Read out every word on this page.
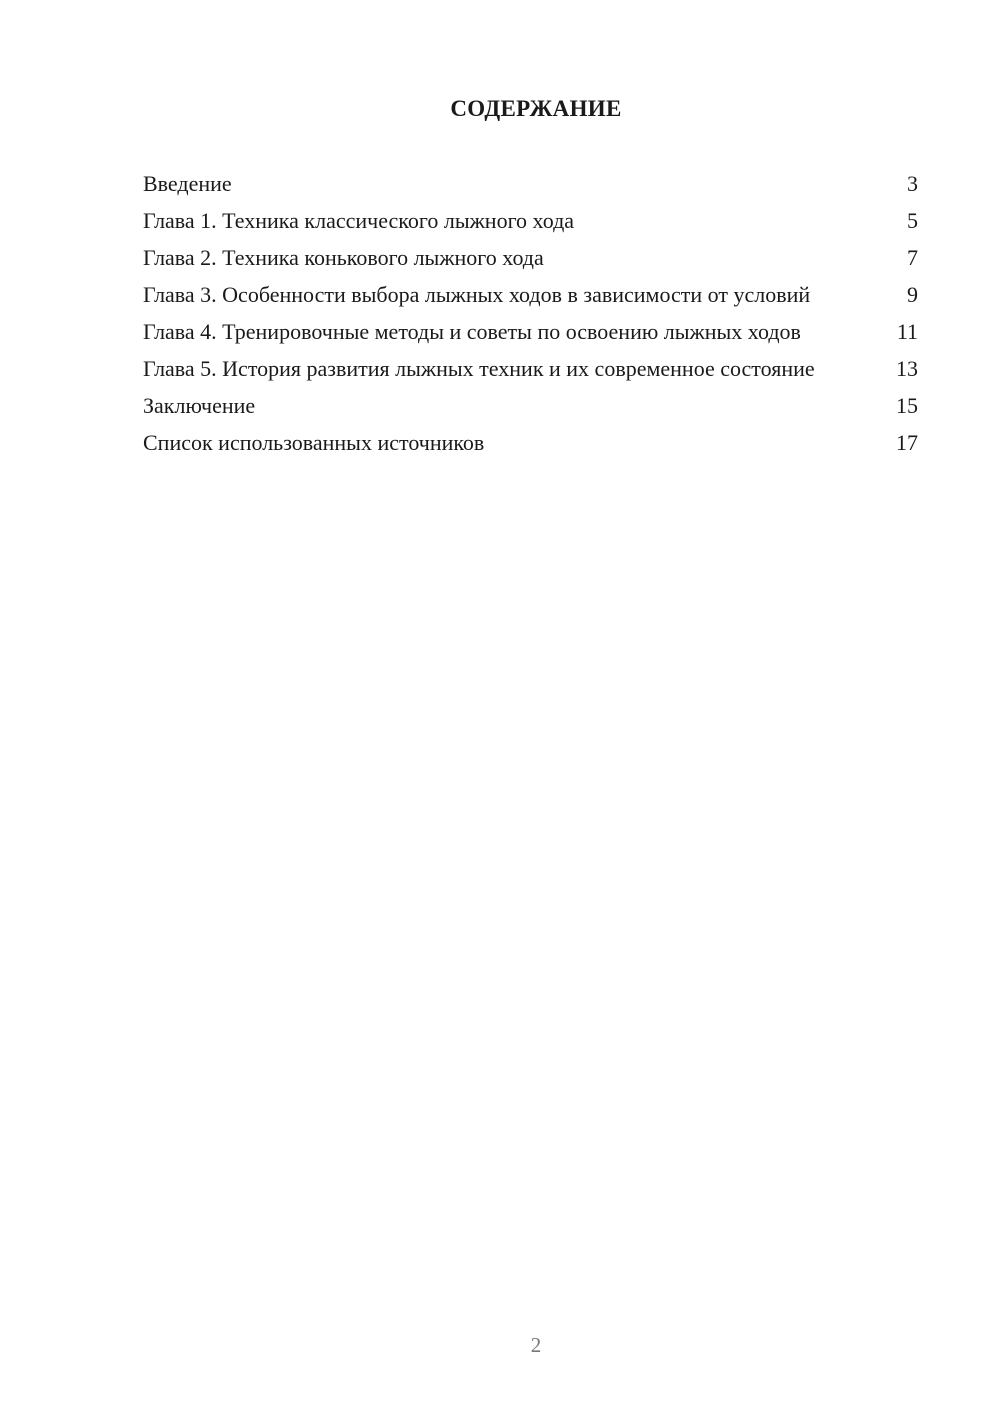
СОДЕРЖАНИЕ
Введение	3
Глава 1. Техника классического лыжного хода	5
Глава 2. Техника конькового лыжного хода	7
Глава 3. Особенности выбора лыжных ходов в зависимости от условий	9
Глава 4. Тренировочные методы и советы по освоению лыжных ходов	11
Глава 5. История развития лыжных техник и их современное состояние	13
Заключение	15
Список использованных источников	17
2
